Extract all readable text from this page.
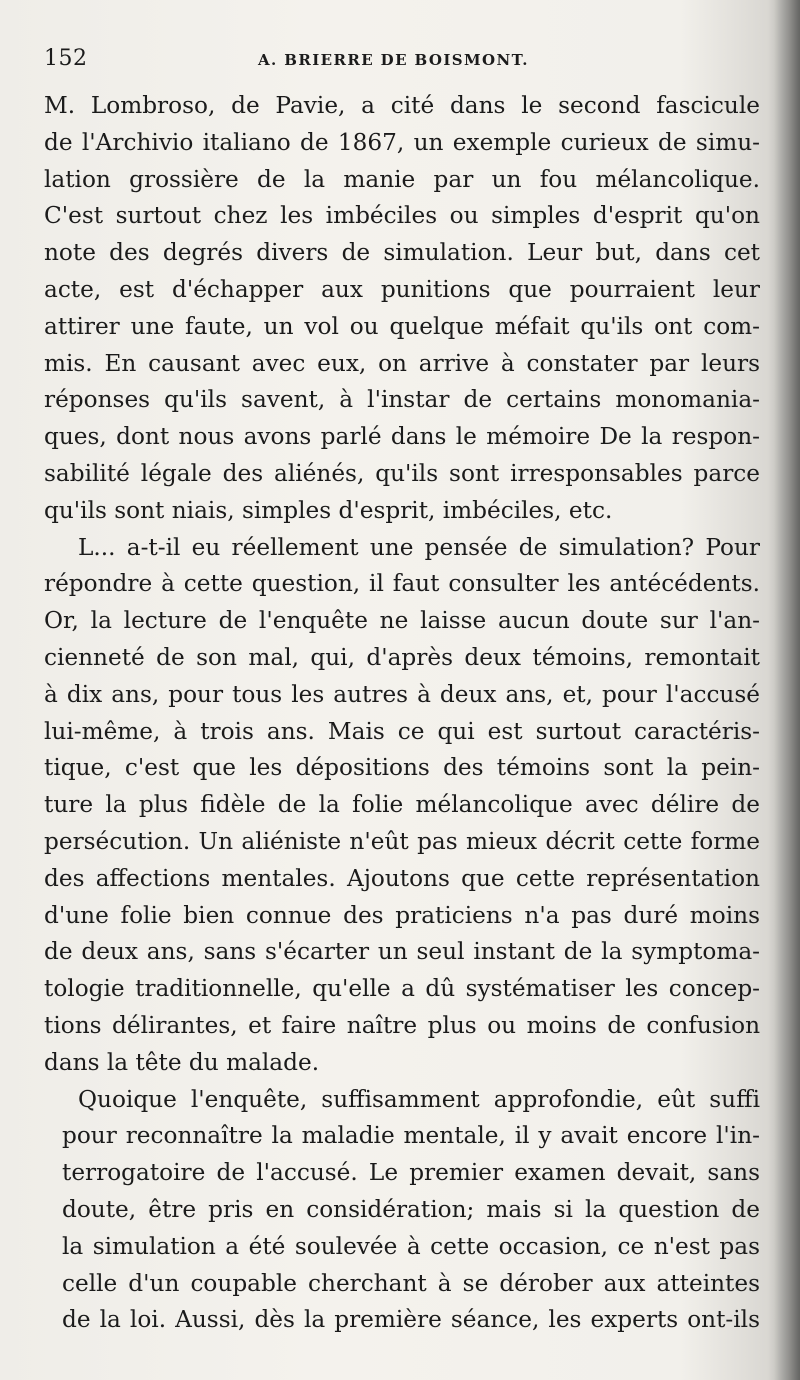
152	A. BRIERRE DE BOISMONT.
M. Lombroso, de Pavie, a cité dans le second fascicule
de l'Archivio italiano de 1867, un exemple curieux de simu-
lation grossière de la manie par un fou mélancolique.
C'est surtout chez les imbéciles ou simples d'esprit qu'on
note des degrés divers de simulation. Leur but, dans cet
acte, est d'échapper aux punitions que pourraient leur
attirer une faute, un vol ou quelque méfait qu'ils ont com-
mis. En causant avec eux, on arrive à constater par leurs
réponses qu'ils savent, à l'instar de certains monomania-
ques, dont nous avons parlé dans le mémoire De la respon-
sabilité légale des aliénés, qu'ils sont irresponsables parce
qu'ils sont niais, simples d'esprit, imbéciles, etc.
L... a-t-il eu réellement une pensée de simulation? Pour
répondre à cette question, il faut consulter les antécédents.
Or, la lecture de l'enquête ne laisse aucun doute sur l'an-
cienneté de son mal, qui, d'après deux témoins, remontait
à dix ans, pour tous les autres à deux ans, et, pour l'accusé
lui-même, à trois ans. Mais ce qui est surtout caractéris-
tique, c'est que les dépositions des témoins sont la pein-
ture la plus fidèle de la folie mélancolique avec délire de
persécution. Un aliéniste n'eût pas mieux décrit cette forme
des affections mentales. Ajoutons que cette représentation
d'une folie bien connue des praticiens n'a pas duré moins
de deux ans, sans s'écarter un seul instant de la symptoma-
tologie traditionnelle, qu'elle a dû systématiser les concep-
tions délirantes, et faire naître plus ou moins de confusion
dans la tête du malade.
Quoique l'enquête, suffisamment approfondie, eût suffi
pour reconnaître la maladie mentale, il y avait encore l'in-
terrogatoire de l'accusé. Le premier examen devait, sans
doute, être pris en considération; mais si la question de
la simulation a été soulevée à cette occasion, ce n'est pas
celle d'un coupable cherchant à se dérober aux atteintes
de la loi. Aussi, dès la première séance, les experts ont-ils
